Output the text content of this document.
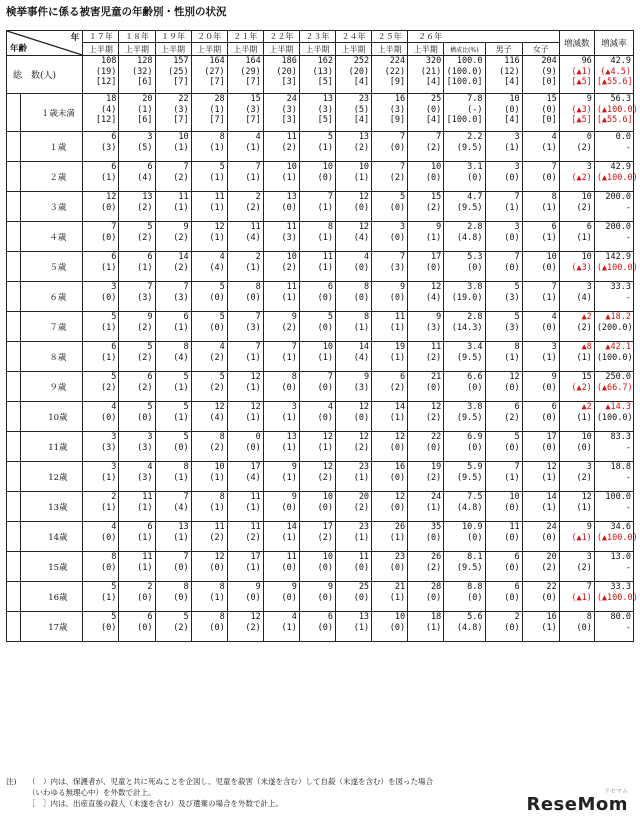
検挙事件に係る被害児童の年齢別・性別の状況
年
年齢		１７年	１８年	１９年	２０年	２１年	２２年	２３年	２４年	２５年	２６年				増減数	増減率
		上半期	上半期	上半期	上半期	上半期	上半期	上半期	上半期	上半期	上半期	構成比(%)	男子	女子		
総　数(人)		108
(19)
[12]	128
(32)
[6]	157
(25)
[7]	164
(27)
[7]	164
(29)
[7]	186
(20)
[3]	162
(13)
[5]	252
(20)
[4]	224
(22)
[9]	320
(21)
[4]	100.0
(100.0)
[100.0]	116
(12)
[4]	204
(9)
[0]	96
(▲1)
[▲5]	42.9
(▲4.5)
[▲55.6]

	１歳未満	18
(4)
[12]	20
(1)
[6]	22
(3)
[7]	28
(1)
[7]	15
(3)
[7]	24
(3)
[3]	13
(3)
[5]	23
(5)
[4]	16
(3)
[9]	25
(0)
[4]	7.8
(-)
[100.0]	10
(0)
[4]	15
(0)
[0]	9
(▲3)
[▲5]	56.3
(▲100.0)
[▲55.6]

	１歳	6
(3)	3
(5)	10
(1)	8
(1)	4
(1)	11
(2)	5
(1)	13
(2)	7
(0)	7
(2)	2.2
(9.5)	3
(1)	4
(1)	0
(2)	0.0
-

	２歳	6
(1)	6
(4)	7
(2)	5
(1)	7
(1)	10
(1)	10
(0)	10
(1)	7
(2)	10
(0)	3.1
(0)	3
(0)	7
(0)	3
(▲2)	42.9
(▲100.0)

	３歳	12
(0)	13
(2)	11
(1)	11
(1)	2
(2)	13
(0)	7
(1)	12
(0)	5
(0)	15
(2)	4.7
(9.5)	7
(1)	8
(1)	10
(2)	200.0
-

	４歳	7
(0)	5
(2)	9
(2)	12
(1)	11
(4)	11
(3)	8
(1)	12
(4)	3
(0)	9
(1)	2.8
(4.8)	3
(0)	6
(1)	6
(1)	200.0
-

	５歳	6
(1)	6
(1)	14
(2)	4
(4)	2
(1)	10
(2)	11
(1)	4
(0)	7
(3)	17
(0)	5.3
(0)	7
(0)	10
(0)	10
(▲3)	142.9
(▲100.0)

	６歳	3
(0)	7
(3)	7
(3)	5
(0)	8
(0)	11
(1)	6
(0)	8
(0)	9
(0)	12
(4)	3.8
(19.0)	5
(3)	7
(1)	3
(4)	33.3
-

	７歳	5
(1)	9
(2)	6
(1)	5
(0)	7
(3)	9
(2)	5
(0)	8
(1)	11
(1)	9
(3)	2.8
(14.3)	5
(3)	4
(0)	▲2
(2)	▲18.2
(200.0)

	８歳	6
(1)	5
(2)	8
(4)	4
(2)	7
(1)	7
(1)	10
(1)	14
(4)	19
(1)	11
(2)	3.4
(9.5)	8
(1)	3
(1)	▲8
(1)	▲42.1
(100.0)

	９歳	5
(2)	6
(2)	5
(1)	5
(2)	12
(1)	8
(0)	7
(0)	9
(3)	6
(2)	21
(0)	6.6
(0)	12
(0)	9
(0)	15
(▲2)	250.0
(▲66.7)

	10歳	4
(0)	5
(0)	5
(1)	12
(4)	12
(1)	3
(1)	4
(0)	12
(0)	14
(1)	12
(2)	3.8
(9.5)	6
(2)	6
(0)	▲2
(1)	▲14.3
(100.0)

	11歳	3
(3)	3
(3)	5
(0)	8
(2)	0
(0)	13
(1)	12
(1)	12
(2)	12
(0)	22
(0)	6.9
(0)	5
(0)	17
(0)	10
(0)	83.3
-

	12歳	3
(1)	4
(3)	8
(1)	10
(1)	17
(4)	9
(1)	12
(2)	23
(1)	16
(0)	19
(2)	5.9
(9.5)	7
(1)	12
(1)	3
(2)	18.8
-

	13歳	2
(1)	11
(1)	7
(4)	8
(1)	11
(1)	9
(0)	10
(0)	20
(2)	12
(0)	24
(1)	7.5
(4.8)	10
(0)	14
(1)	12
(1)	100.0
-

	14歳	4
(0)	6
(1)	13
(1)	11
(2)	11
(2)	14
(1)	17
(2)	23
(1)	26
(1)	35
(0)	10.9
(0)	11
(0)	24
(0)	9
(▲1)	34.6
(▲100.0)

	15歳	8
(0)	11
(1)	7
(0)	12
(0)	17
(1)	11
(0)	10
(0)	11
(0)	23
(0)	26
(2)	8.1
(9.5)	6
(0)	20
(2)	3
(2)	13.0
-

	16歳	5
(1)	2
(0)	8
(0)	8
(1)	9
(0)	9
(0)	9
(0)	25
(0)	21
(1)	28
(0)	8.8
(0)	6
(0)	22
(0)	7
(▲1)	33.3
(▲100.0)

	17歳	5
(0)	6
(0)	5
(2)	8
(0)	12
(2)	4
(1)	6
(0)	13
(1)	10
(0)	18
(1)	5.6
(4.8)	2
(0)	16
(1)	8
(0)	80.0
-
注) （　）内は、保護者が、児童と共に死ぬことを企図し、児童を殺害（未遂を含む）して自殺（未遂を含む）を図った場合
（いわゆる無理心中）を外数で計上。
［　］内は、出産直後の殺人（未遂を含む）及び遺棄の場合を外数で計上。
リセマム
ReseMom
